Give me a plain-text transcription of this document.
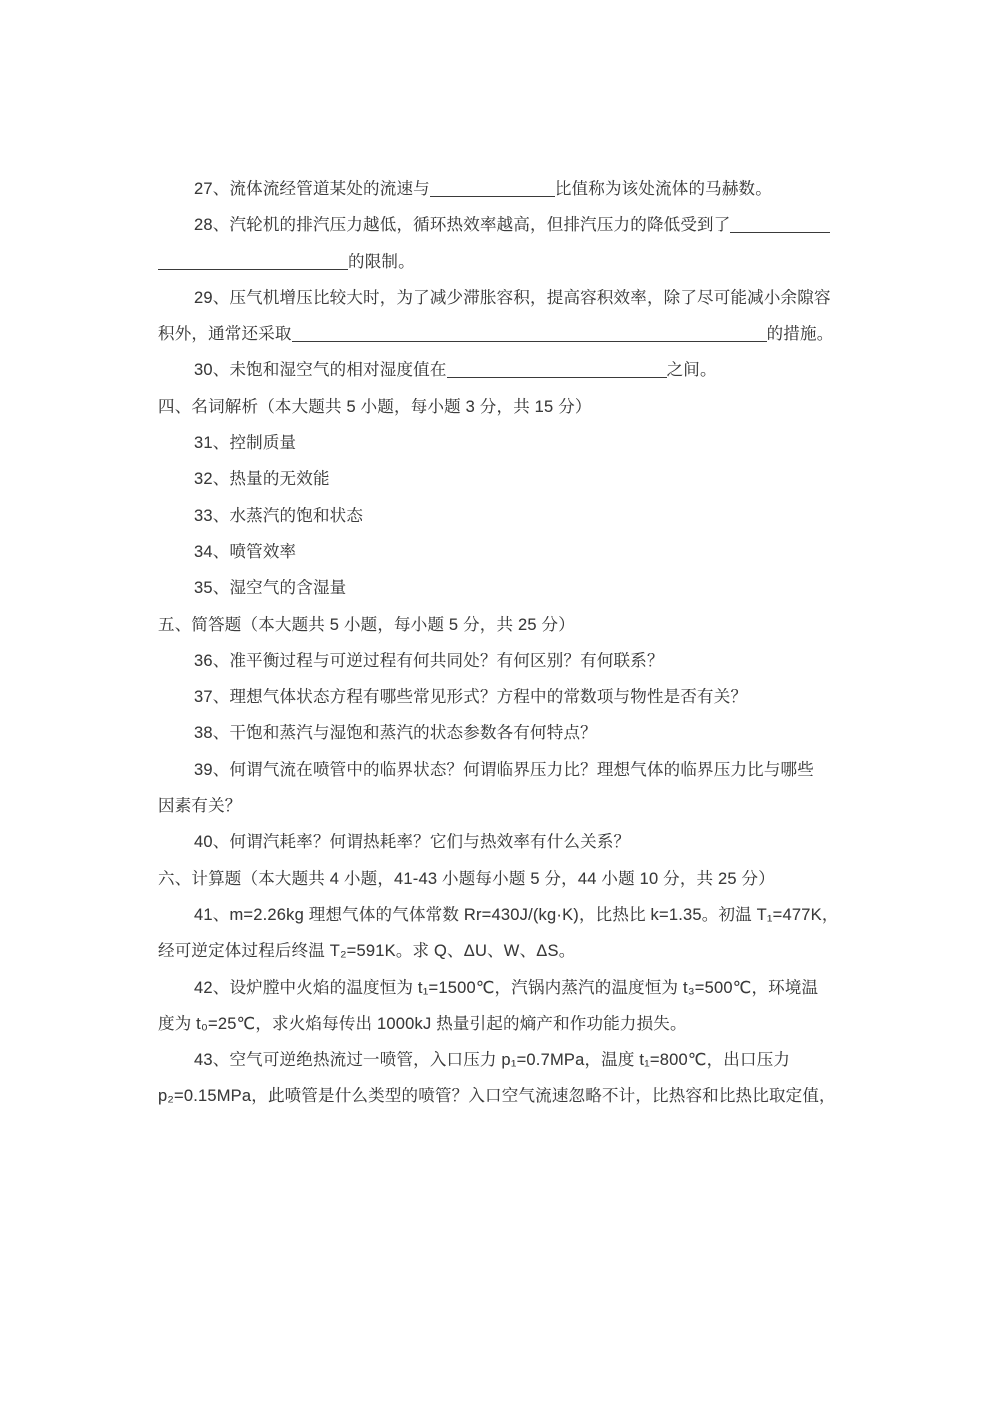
27、流体流经管道某处的流速与	比值称为该处流体的马赫数。
28、汽轮机的排汽压力越低，循环热效率越高，但排汽压力的降低受到了
的限制。
29、压气机增压比较大时，为了减少滞胀容积，提高容积效率，除了尽可能减小余隙容
积外，通常还采取	的措施。
30、未饱和湿空气的相对湿度值在	之间。
四、名词解析（本大题共 5 小题，每小题 3 分，共 15 分）
31、控制质量
32、热量的无效能
33、水蒸汽的饱和状态
34、喷管效率
35、湿空气的含湿量
五、简答题（本大题共 5 小题，每小题 5 分，共 25 分）
36、准平衡过程与可逆过程有何共同处？有何区别？有何联系？
37、理想气体状态方程有哪些常见形式？方程中的常数项与物性是否有关？
38、干饱和蒸汽与湿饱和蒸汽的状态参数各有何特点？
39、何谓气流在喷管中的临界状态？何谓临界压力比？理想气体的临界压力比与哪些
因素有关？
40、何谓汽耗率？何谓热耗率？它们与热效率有什么关系？
六、计算题（本大题共 4 小题，41-43 小题每小题 5 分，44 小题 10 分，共 25 分）
41、m=2.26kg 理想气体的气体常数 Rr=430J/(kg·K)，比热比 k=1.35。初温 T₁=477K，
经可逆定体过程后终温 T₂=591K。求 Q、ΔU、W、ΔS。
42、设炉膛中火焰的温度恒为 t₁=1500℃，汽锅内蒸汽的温度恒为 t₃=500℃，环境温
度为 t₀=25℃，求火焰每传出 1000kJ 热量引起的熵产和作功能力损失。
43、空气可逆绝热流过一喷管，入口压力 p₁=0.7MPa，温度 t₁=800℃，出口压力
p₂=0.15MPa，此喷管是什么类型的喷管？入口空气流速忽略不计，比热容和比热比取定值，
